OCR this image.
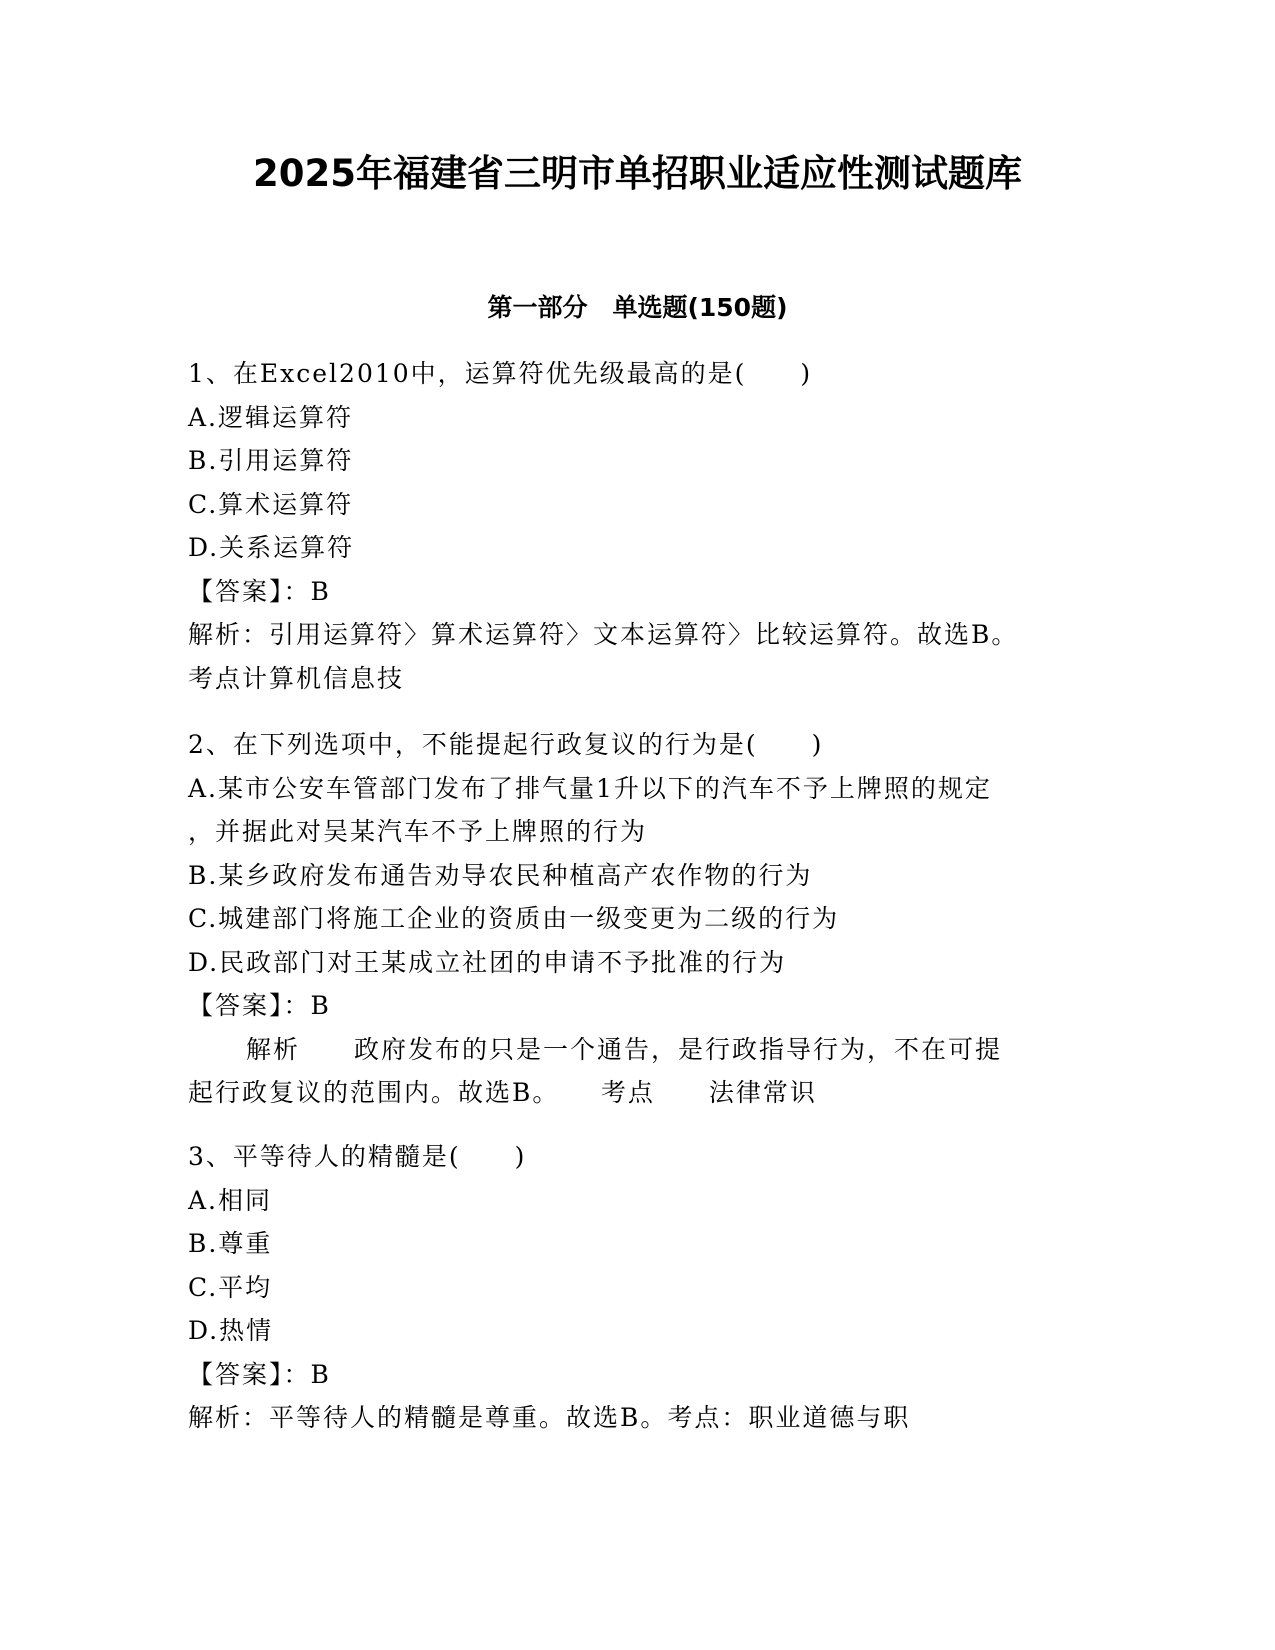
2025年福建省三明市单招职业适应性测试题库
第一部分　单选题(150题)
1、在Excel2010中，运算符优先级最高的是(　　)
A.逻辑运算符
B.引用运算符
C.算术运算符
D.关系运算符
【答案】：B
解析：引用运算符〉算术运算符〉文本运算符〉比较运算符。故选B。
考点计算机信息技
2、在下列选项中，不能提起行政复议的行为是(　　)
A.某市公安车管部门发布了排气量1升以下的汽车不予上牌照的规定
，并据此对吴某汽车不予上牌照的行为
B.某乡政府发布通告劝导农民种植高产农作物的行为
C.城建部门将施工企业的资质由一级变更为二级的行为
D.民政部门对王某成立社团的申请不予批准的行为
【答案】：B
解析　　政府发布的只是一个通告，是行政指导行为，不在可提
起行政复议的范围内。故选B。　　考点　　法律常识
3、平等待人的精髓是(　　)
A.相同
B.尊重
C.平均
D.热情
【答案】：B
解析：平等待人的精髓是尊重。故选B。考点：职业道德与职
